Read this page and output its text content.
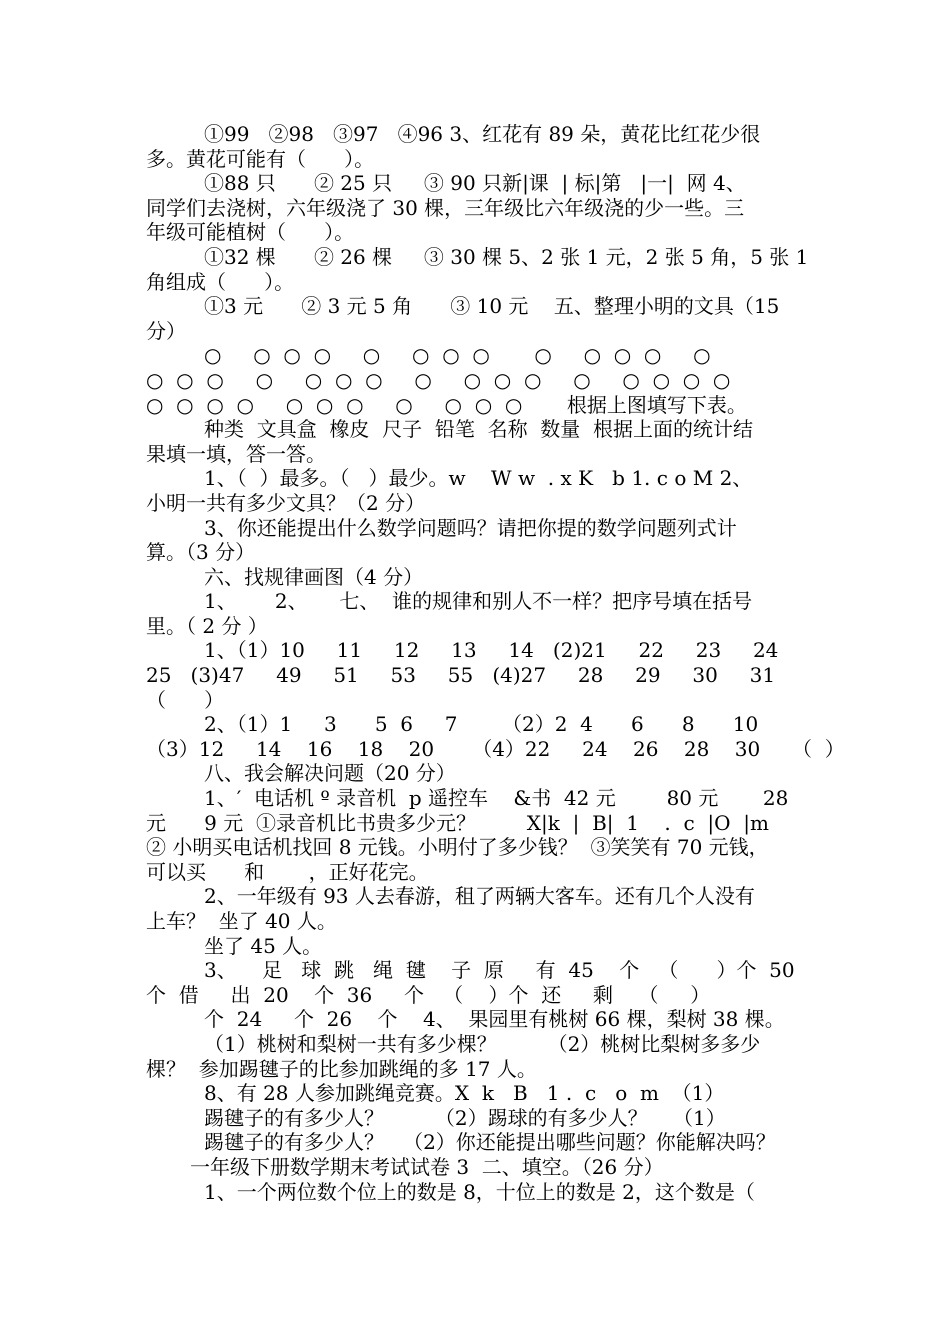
①99   ②98   ③97   ④96 3、红花有 89 朵，黄花比红花少很
多。黄花可能有（      ）。
①88 只      ② 25 只     ③ 90 只新|课  | 标|第   |一|  网 4、
同学们去浇树，六年级浇了 30 棵，三年级比六年级浇的少一些。三
年级可能植树（      ）。
①32 棵      ② 26 棵     ③ 30 棵 5、2 张 1 元，2 张 5 角，5 张 1
角组成（      ）。
①3 元      ② 3 元 5 角      ③ 10 元    五、整理小明的文具（15
分）
○     ○  ○  ○     ○     ○  ○  ○       ○     ○  ○  ○     ○
○  ○  ○     ○     ○  ○  ○     ○     ○  ○  ○     ○     ○  ○  ○  ○
○  ○  ○  ○     ○  ○  ○     ○     ○  ○  ○       根据上图填写下表。
种类  文具盒  橡皮  尺子  铅笔  名称  数量  根据上面的统计结
果填一填，答一答。
1、（  ）最多。（   ）最少。w    W w  . x K   b 1. c o M 2、
小明一共有多少文具？（2 分）
3、你还能提出什么数学问题吗？请把你提的数学问题列式计
算。（3 分）
六、找规律画图（4 分）
1、      2、     七、  谁的规律和别人不一样？把序号填在括号
里。（ 2 分 ）
1、（1）10     11     12     13     14   (2)21     22     23     24
25   (3)47     49     51     53     55   (4)27     28     29     30     31
（      ）
2、（1）1     3      5  6     7       （2）2  4      6      8      10
（3）12     14    16    18    20      （4）22     24    26    28    30     （  ）
八、我会解决问题（20 分）
1、′  电话机 º 录音机  p 遥控车    &书  42 元        80 元       28
元      9 元  ①录音机比书贵多少元？        X|k  |  B|  1    .  c  |O  |m
② 小明买电话机找回 8 元钱。小明付了多少钱？  ③笑笑有 70 元钱，
可以买      和       ，正好花完。
2、一年级有 93 人去春游，租了两辆大客车。还有几个人没有
上车？  坐了 40 人。
坐了 45 人。
3、    足   球  跳   绳  毽    子  原     有  45    个   （      ）个  50
个  借     出  20    个  36     个   （    ）个  还     剩    （     ）
个  24     个  26    个    4、  果园里有桃树 66 棵，梨树 38 棵。
（1）桃树和梨树一共有多少棵？        （2）桃树比梨树多多少
棵？  参加踢毽子的比参加跳绳的多 17 人。
8、有 28 人参加跳绳竞赛。X  k   B   1 .  c   o  m  （1）
踢毽子的有多少人？        （2）踢球的有多少人？    （1）
踢毽子的有多少人？   （2）你还能提出哪些问题？你能解决吗？
一年级下册数学期末考试试卷 3  二、填空。（26 分）
1、一个两位数个位上的数是 8，十位上的数是 2，这个数是（
